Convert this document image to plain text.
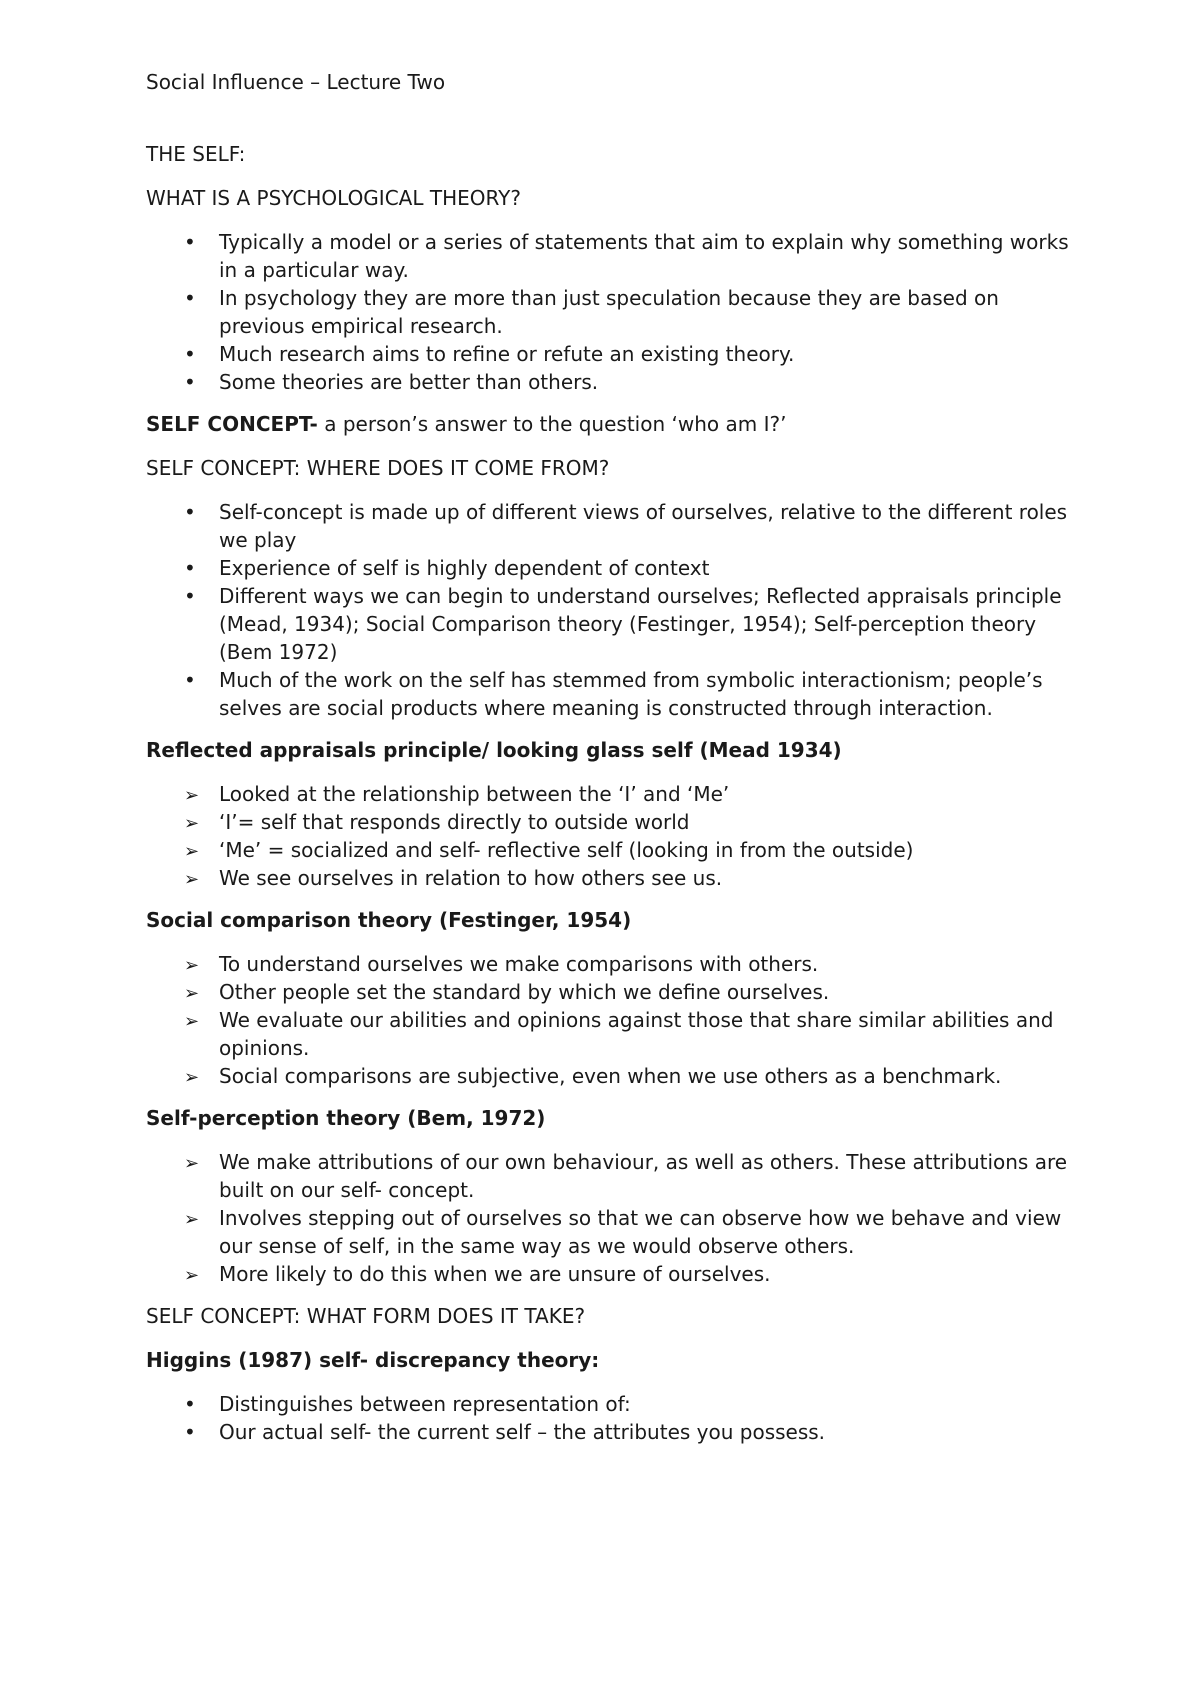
Social Influence – Lecture Two

THE SELF:

WHAT IS A PSYCHOLOGICAL THEORY?

•
Typically a model or a series of statements that aim to explain why something works in a particular way.
•
In psychology they are more than just speculation because they are based on previous empirical research.
•
Much research aims to refine or refute an existing theory.
•
Some theories are better than others.

SELF CONCEPT- a person’s answer to the question ‘who am I?’

SELF CONCEPT: WHERE DOES IT COME FROM?

•
Self-concept is made up of different views of ourselves, relative to the different roles we play
•
Experience of self is highly dependent of context
•
Different ways we can begin to understand ourselves; Reflected appraisals principle (Mead, 1934); Social Comparison theory (Festinger, 1954); Self-perception theory (Bem 1972)
•
Much of the work on the self has stemmed from symbolic interactionism; people’s selves are social products where meaning is constructed through interaction.

Reflected appraisals principle/ looking glass self (Mead 1934)

➢
Looked at the relationship between the ‘I’ and ‘Me’
➢
‘I’= self that responds directly to outside world
➢
‘Me’ = socialized and self- reflective self (looking in from the outside)
➢
We see ourselves in relation to how others see us.

Social comparison theory (Festinger, 1954)

➢
To understand ourselves we make comparisons with others.
➢
Other people set the standard by which we define ourselves.
➢
We evaluate our abilities and opinions against those that share similar abilities and opinions.
➢
Social comparisons are subjective, even when we use others as a benchmark.

Self-perception theory (Bem, 1972)

➢
We make attributions of our own behaviour, as well as others. These attributions are built on our self- concept.
➢
Involves stepping out of ourselves so that we can observe how we behave and view our sense of self, in the same way as we would observe others.
➢
More likely to do this when we are unsure of ourselves.

SELF CONCEPT: WHAT FORM DOES IT TAKE?

Higgins (1987) self- discrepancy theory:

•
Distinguishes between representation of:
•
Our actual self- the current self – the attributes you possess.
